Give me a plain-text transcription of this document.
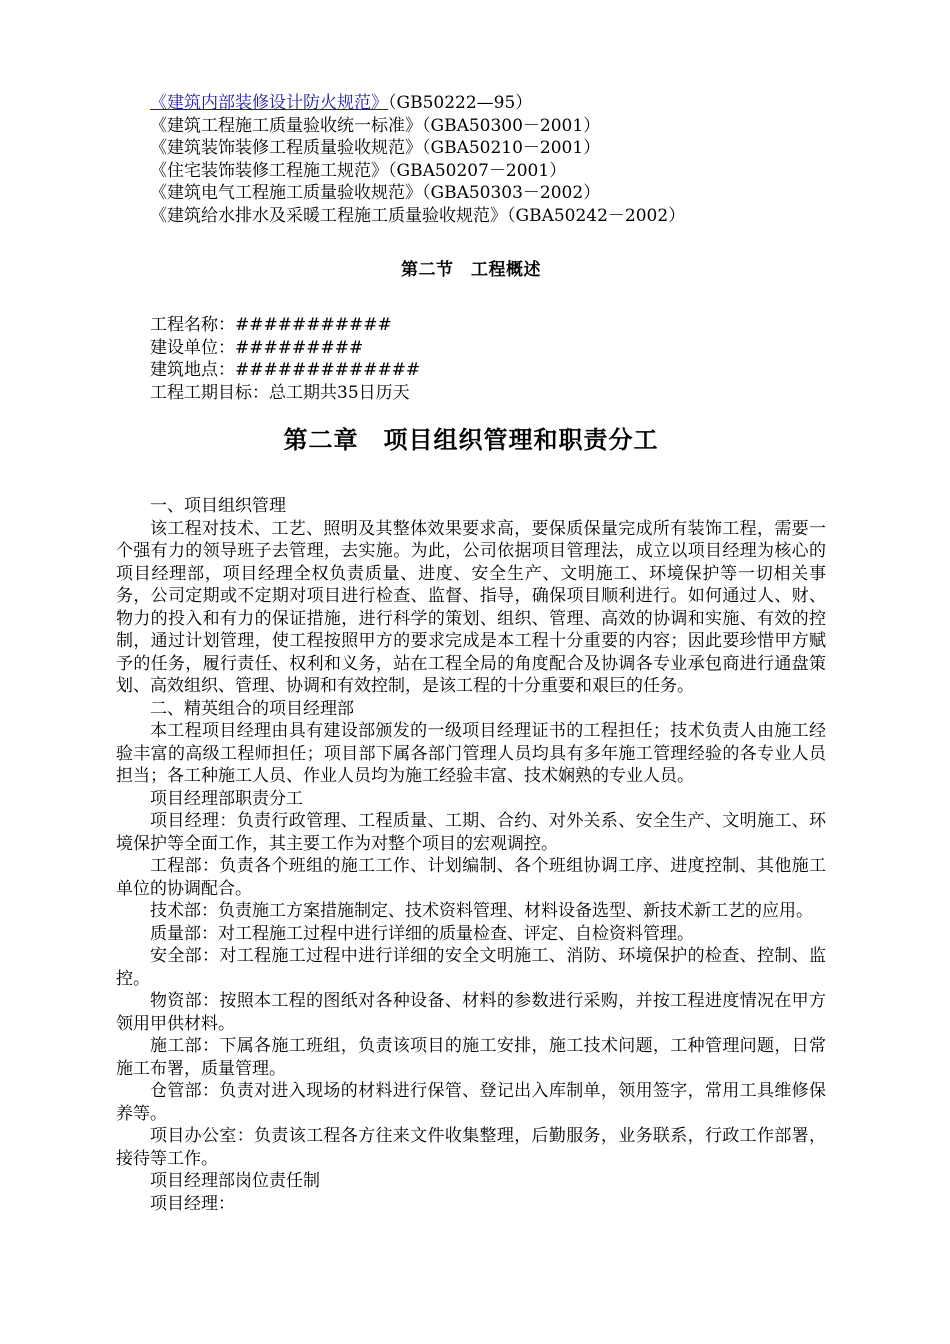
《建筑内部装修设计防火规范》（GB50222—95）
《建筑工程施工质量验收统一标准》（GBA50300－2001）
《建筑装饰装修工程质量验收规范》（GBA50210－2001）
《住宅装饰装修工程施工规范》（GBA50207－2001）
《建筑电气工程施工质量验收规范》（GBA50303－2002）
《建筑给水排水及采暖工程施工质量验收规范》（GBA50242－2002）
第二节　工程概述
工程名称：###########
建设单位：#########
建筑地点：#############
工程工期目标：总工期共35日历天
第二章　项目组织管理和职责分工

一、项目组织管理

该工程对技术、工艺、照明及其整体效果要求高，要保质保量完成所有装饰工程，需要一个强有力的领导班子去管理，去实施。为此，公司依据项目管理法，成立以项目经理为核心的项目经理部，项目经理全权负责质量、进度、安全生产、文明施工、环境保护等一切相关事务，公司定期或不定期对项目进行检查、监督、指导，确保项目顺利进行。如何通过人、财、物力的投入和有力的保证措施，进行科学的策划、组织、管理、高效的协调和实施、有效的控制，通过计划管理，使工程按照甲方的要求完成是本工程十分重要的内容；因此要珍惜甲方赋予的任务，履行责任、权利和义务，站在工程全局的角度配合及协调各专业承包商进行通盘策划、高效组织、管理、协调和有效控制，是该工程的十分重要和艰巨的任务。

二、精英组合的项目经理部

本工程项目经理由具有建设部颁发的一级项目经理证书的工程担任；技术负责人由施工经验丰富的高级工程师担任；项目部下属各部门管理人员均具有多年施工管理经验的各专业人员担当；各工种施工人员、作业人员均为施工经验丰富、技术娴熟的专业人员。

项目经理部职责分工

项目经理：负责行政管理、工程质量、工期、合约、对外关系、安全生产、文明施工、环境保护等全面工作，其主要工作为对整个项目的宏观调控。

工程部：负责各个班组的施工工作、计划编制、各个班组协调工序、进度控制、其他施工单位的协调配合。

技术部：负责施工方案措施制定、技术资料管理、材料设备选型、新技术新工艺的应用。

质量部：对工程施工过程中进行详细的质量检查、评定、自检资料管理。

安全部：对工程施工过程中进行详细的安全文明施工、消防、环境保护的检查、控制、监控。

物资部：按照本工程的图纸对各种设备、材料的参数进行采购，并按工程进度情况在甲方领用甲供材料。

施工部：下属各施工班组，负责该项目的施工安排，施工技术问题，工种管理问题，日常施工布署，质量管理。

仓管部：负责对进入现场的材料进行保管、登记出入库制单，领用签字，常用工具维修保养等。

项目办公室：负责该工程各方往来文件收集整理，后勤服务，业务联系，行政工作部署，接待等工作。

项目经理部岗位责任制

项目经理：
